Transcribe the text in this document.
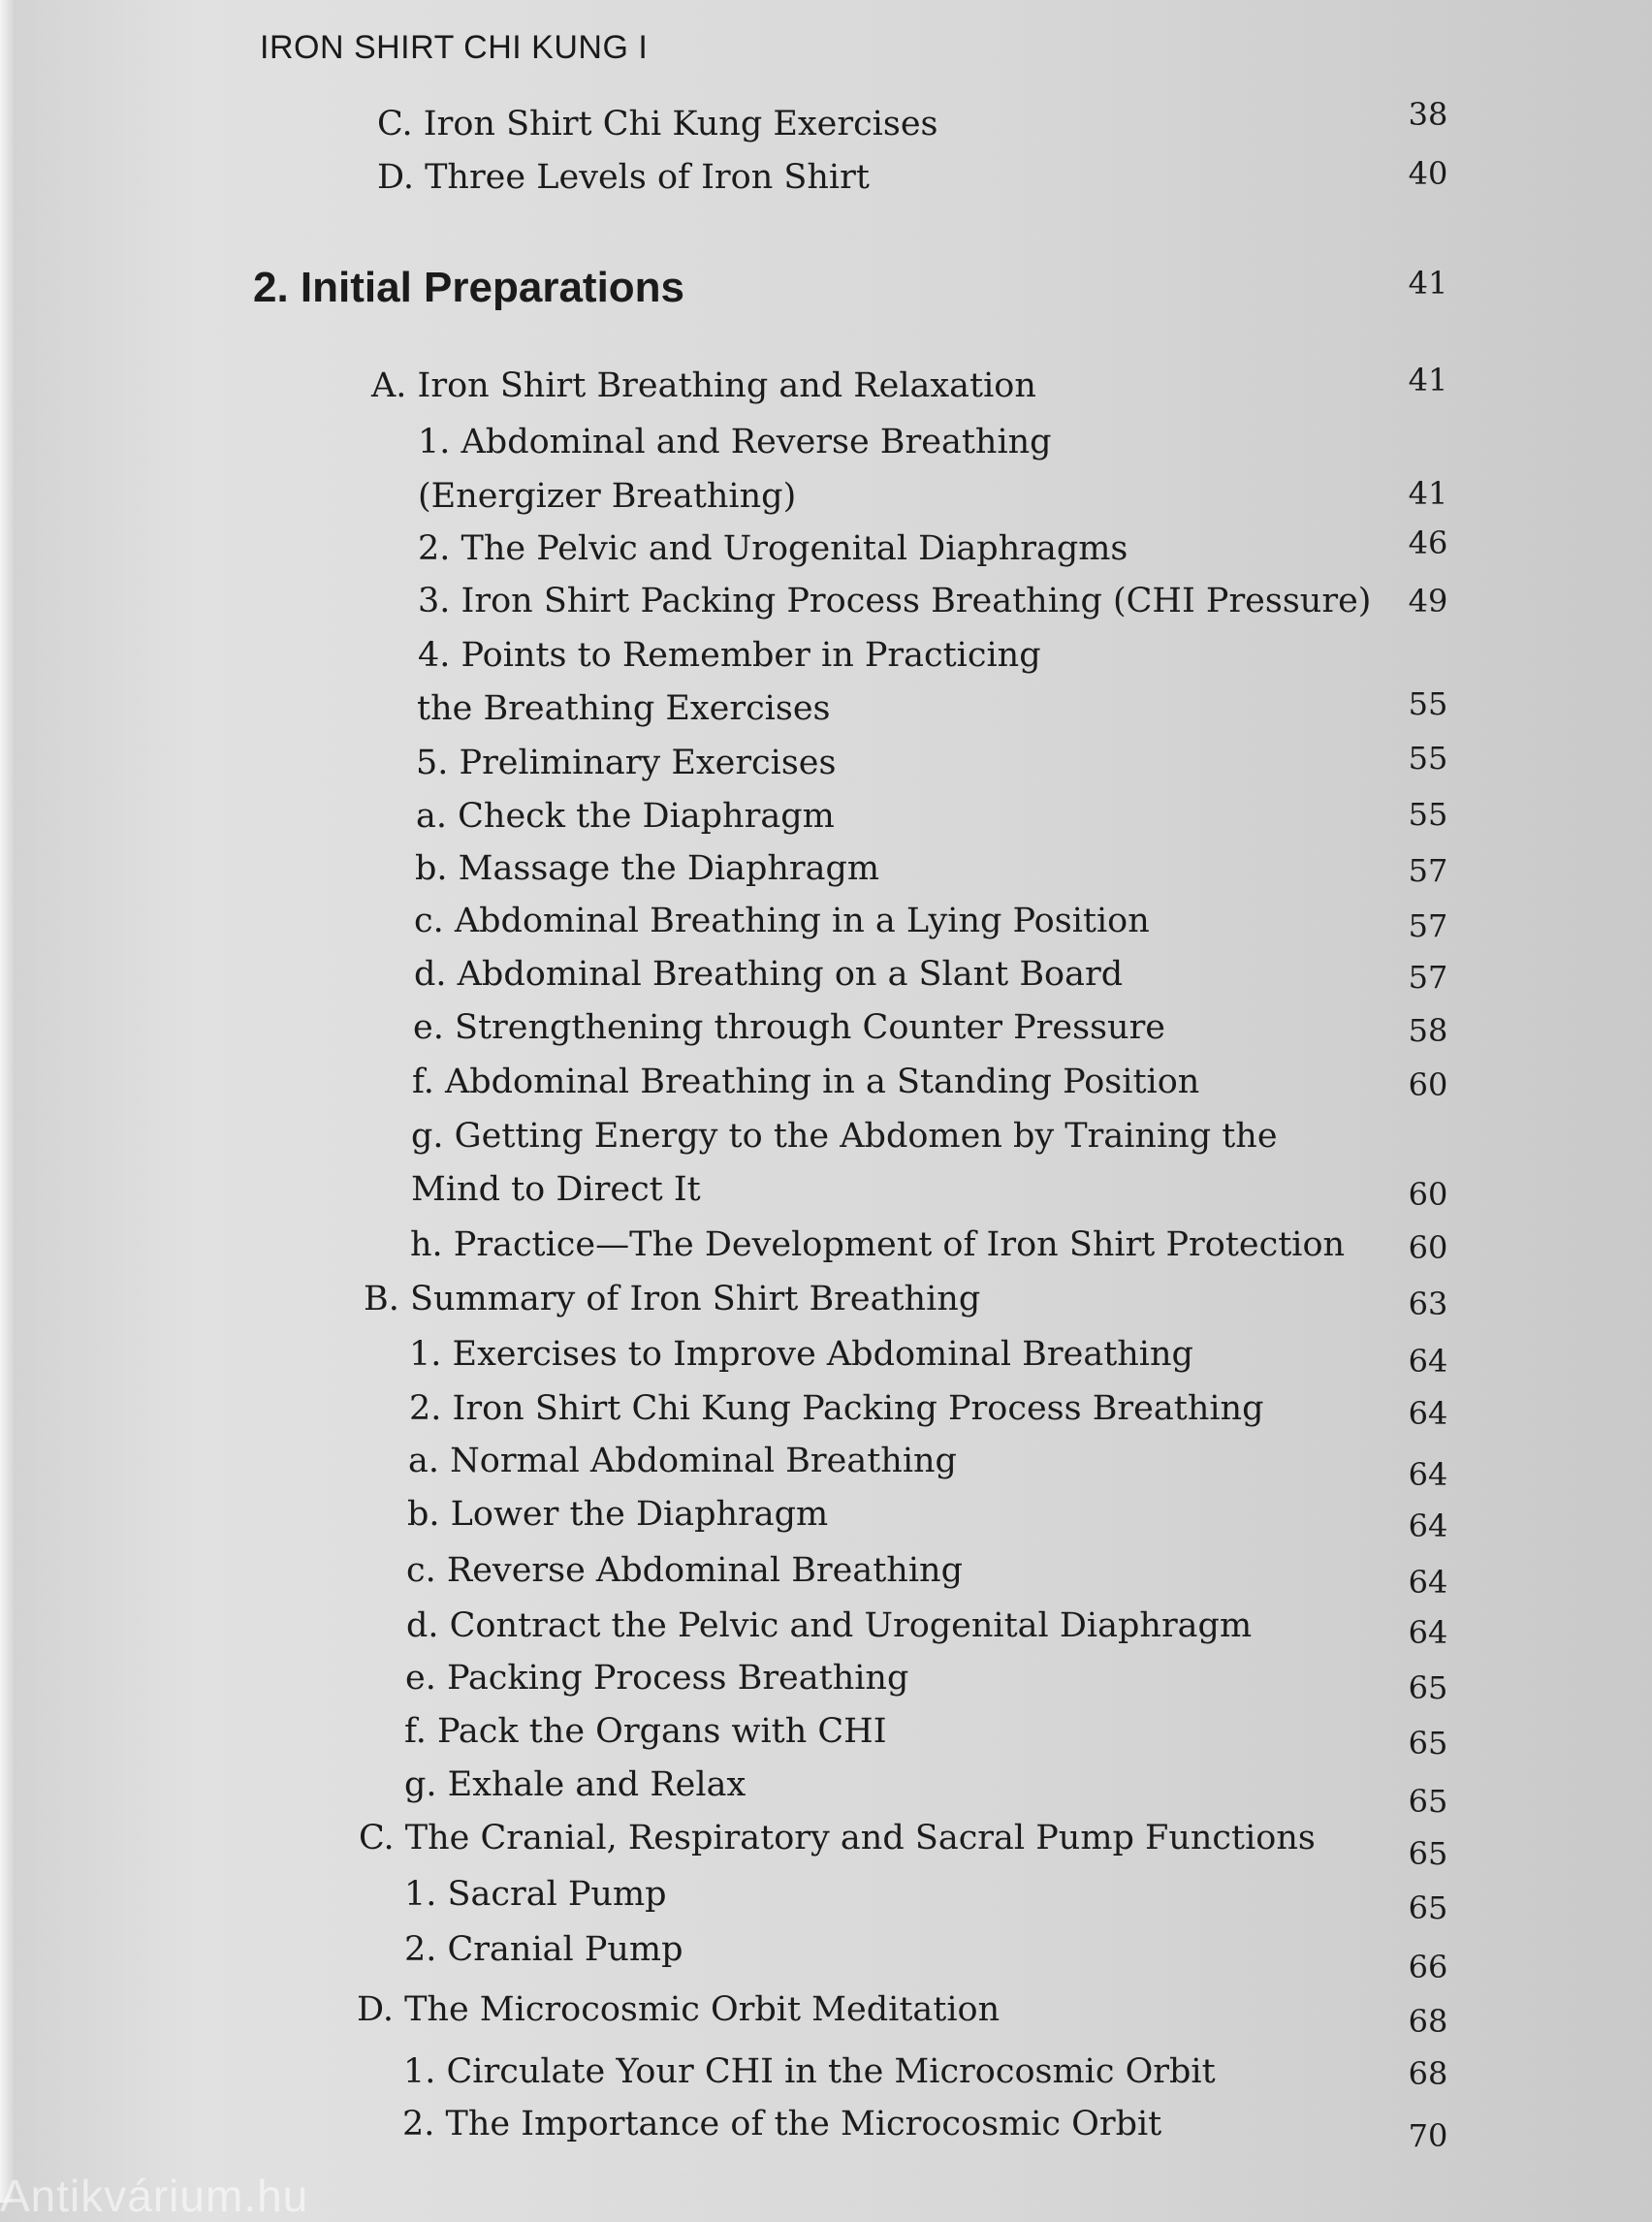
IRON SHIRT CHI KUNG I
C. Iron Shirt Chi Kung Exercises	38
D. Three Levels of Iron Shirt	40
2. Initial Preparations	41
A. Iron Shirt Breathing and Relaxation	41
1. Abdominal and Reverse Breathing
(Energizer Breathing)	41
2. The Pelvic and Urogenital Diaphragms	46
3. Iron Shirt Packing Process Breathing (CHI Pressure) 49
4. Points to Remember in Practicing
the Breathing Exercises	55
5. Preliminary Exercises	55
a. Check the Diaphragm	55
b. Massage the Diaphragm	57
c. Abdominal Breathing in a Lying Position	57
d. Abdominal Breathing on a Slant Board	57
e. Strengthening through Counter Pressure	58
f. Abdominal Breathing in a Standing Position	60
g. Getting Energy to the Abdomen by Training the
Mind to Direct It	60
h. Practice—The Development of Iron Shirt Protection 60
B. Summary of Iron Shirt Breathing	63
1. Exercises to Improve Abdominal Breathing	64
2. Iron Shirt Chi Kung Packing Process Breathing	64
a. Normal Abdominal Breathing	64
b. Lower the Diaphragm	64
c. Reverse Abdominal Breathing	64
d. Contract the Pelvic and Urogenital Diaphragm	64
e. Packing Process Breathing	65
f. Pack the Organs with CHI	65
g. Exhale and Relax	65
C. The Cranial, Respiratory and Sacral Pump Functions	65
1. Sacral Pump	65
2. Cranial Pump	66
D. The Microcosmic Orbit Meditation	68
1. Circulate Your CHI in the Microcosmic Orbit	68
2. The Importance of the Microcosmic Orbit	70
Antikvárium.hu
